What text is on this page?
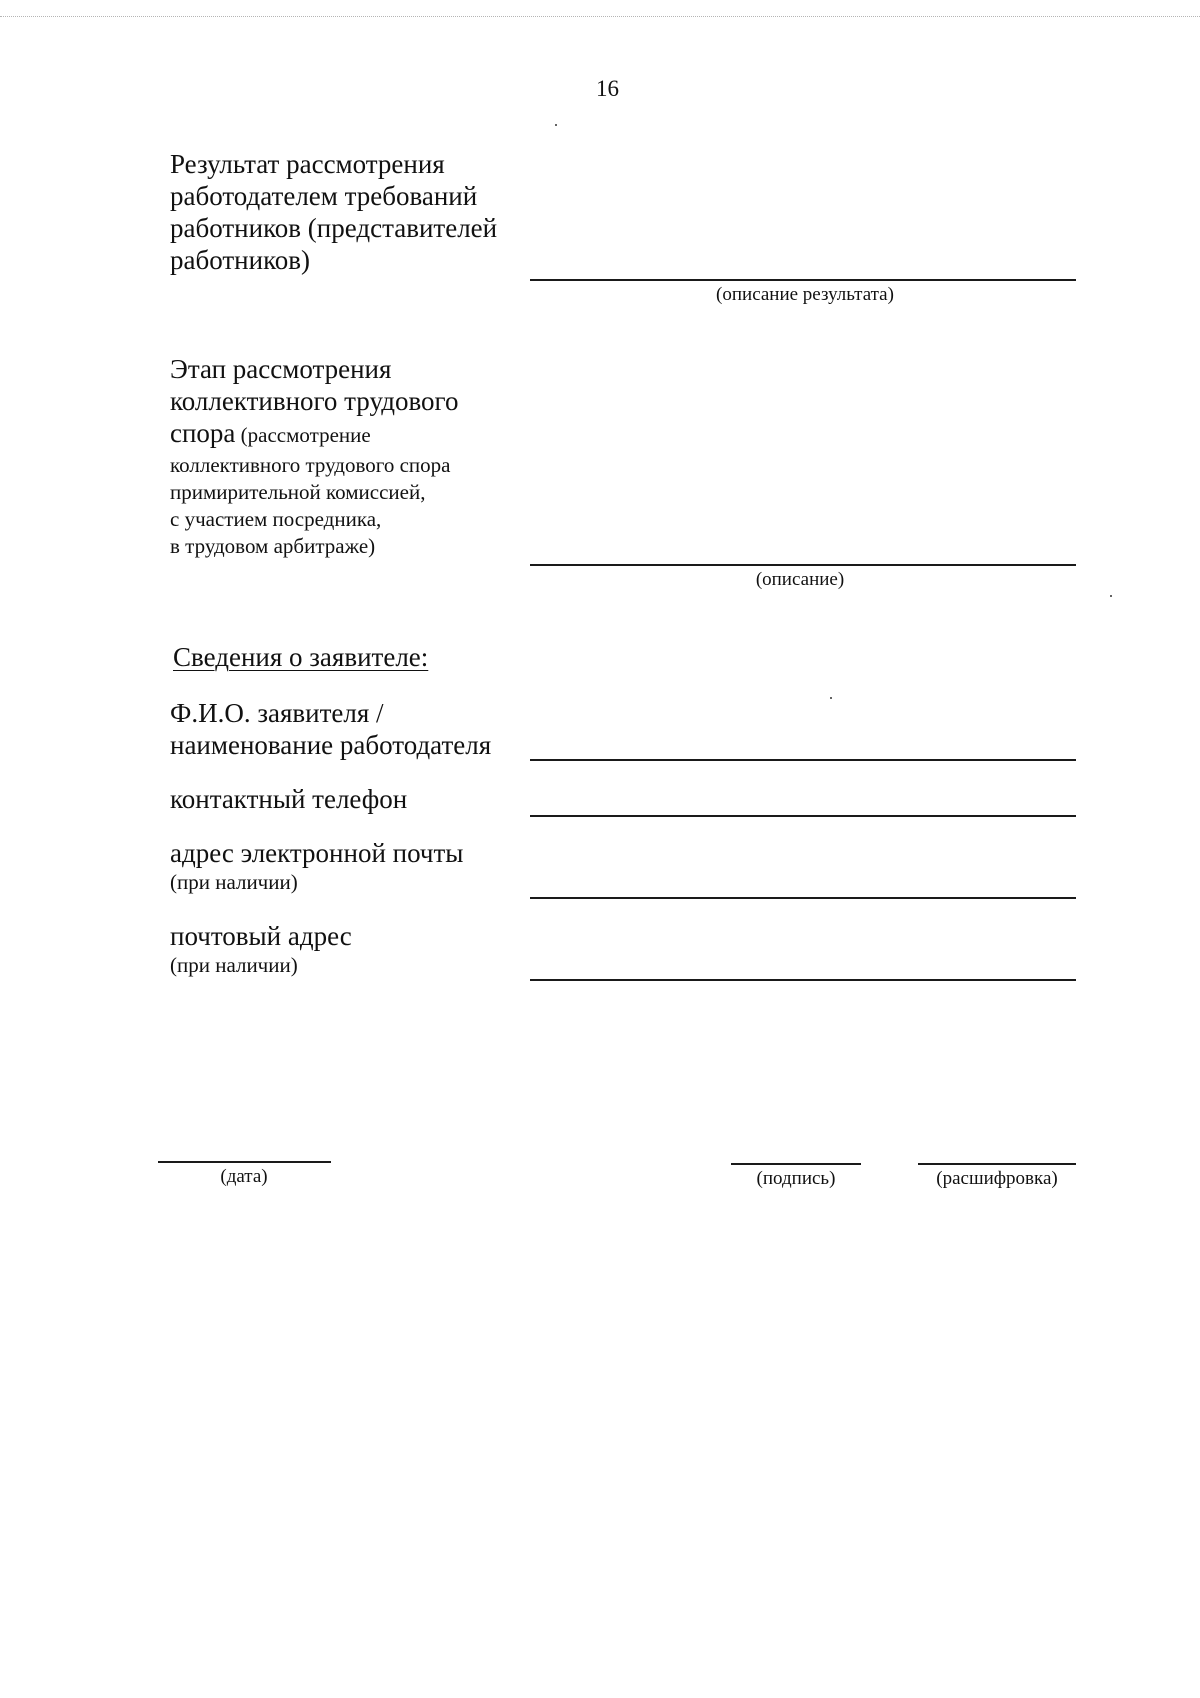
16
Результат рассмотрения
работодателем требований
работников (представителей
работников)
(описание результата)
Этап рассмотрения
коллективного трудового
спора (рассмотрение
коллективного трудового спора
примирительной комиссией,
с участием посредника,
в трудовом арбитраже)
(описание)
Сведения о заявителе:
Ф.И.О. заявителя /
наименование работодателя
контактный телефон
адрес электронной почты
(при наличии)
почтовый адрес
(при наличии)
(дата)	(подпись)	(расшифровка)
